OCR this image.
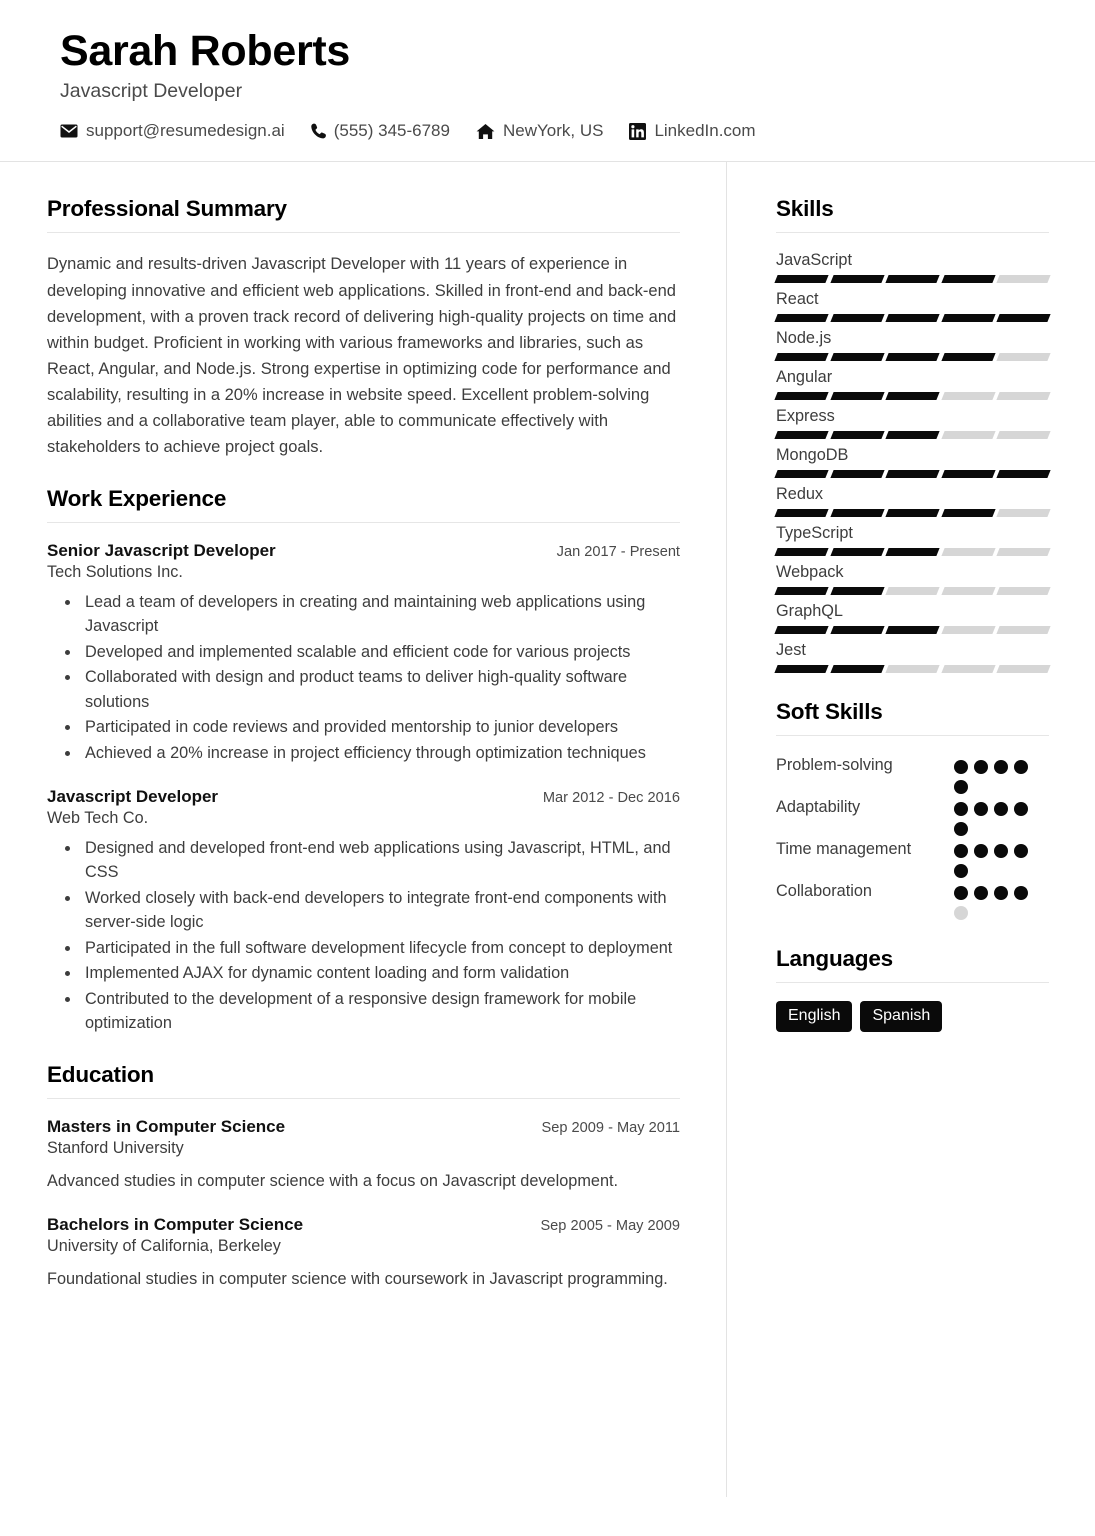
Sarah Roberts
Javascript Developer
support@resumedesign.ai	(555) 345-6789	NewYork, US	LinkedIn.com
Professional Summary

Dynamic and results-driven Javascript Developer with 11 years of experience in developing innovative and efficient web applications. Skilled in front-end and back-end development, with a proven track record of delivering high-quality projects on time and within budget. Proficient in working with various frameworks and libraries, such as React, Angular, and Node.js. Strong expertise in optimizing code for performance and scalability, resulting in a 20% increase in website speed. Excellent problem-solving abilities and a collaborative team player, able to communicate effectively with stakeholders to achieve project goals.

Work Experience
Senior Javascript Developer	Jan 2017 - Present
Tech Solutions Inc.
• Lead a team of developers in creating and maintaining web applications using Javascript
• Developed and implemented scalable and efficient code for various projects
• Collaborated with design and product teams to deliver high-quality software solutions
• Participated in code reviews and provided mentorship to junior developers
• Achieved a 20% increase in project efficiency through optimization techniques
Javascript Developer	Mar 2012 - Dec 2016
Web Tech Co.
• Designed and developed front-end web applications using Javascript, HTML, and CSS
• Worked closely with back-end developers to integrate front-end components with server-side logic
• Participated in the full software development lifecycle from concept to deployment
• Implemented AJAX for dynamic content loading and form validation
• Contributed to the development of a responsive design framework for mobile optimization
Education
Masters in Computer Science	Sep 2009 - May 2011
Stanford University

Advanced studies in computer science with a focus on Javascript development.

Bachelors in Computer Science	Sep 2005 - May 2009
University of California, Berkeley

Foundational studies in computer science with coursework in Javascript programming.

Skills
JavaScript
React
Node.js
Angular
Express
MongoDB
Redux
TypeScript
Webpack
GraphQL
Jest
Soft Skills
Problem-solving
Adaptability
Time management
Collaboration
Languages
English	Spanish
